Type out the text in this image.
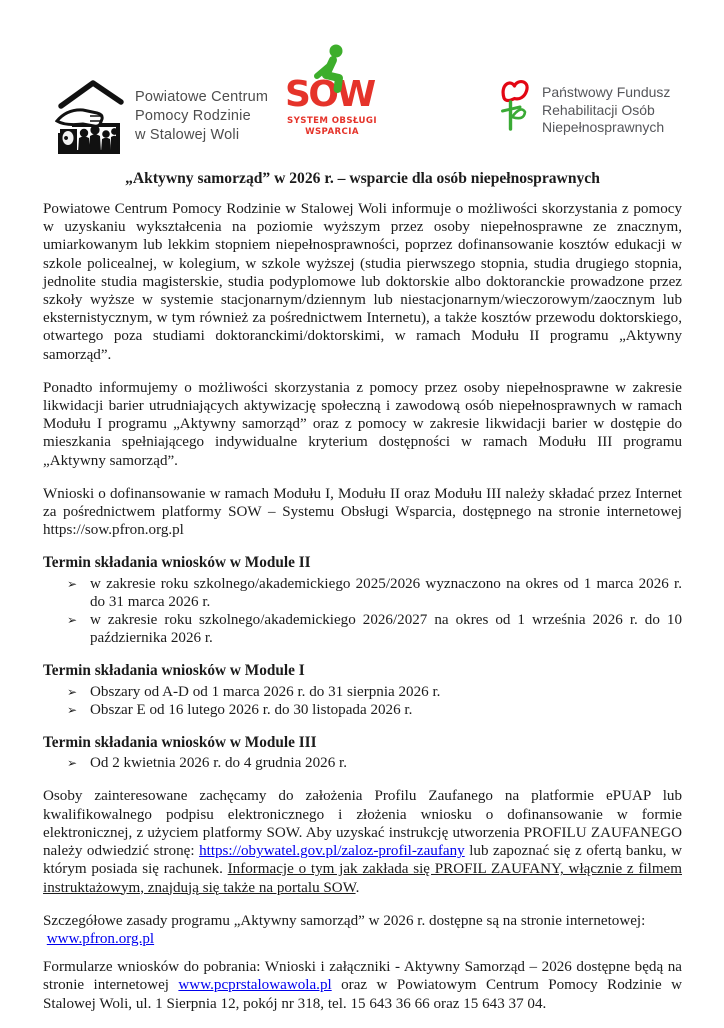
Powiatowe Centrum
Pomocy Rodzinie
w Stalowej Woli
SOW
SYSTEM OBSŁUGI
WSPARCIA
Państwowy Fundusz
Rehabilitacji Osób
Niepełnosprawnych
„Aktywny samorząd” w 2026 r. – wsparcie dla osób niepełnosprawnych
Powiatowe Centrum Pomocy Rodzinie w Stalowej Woli informuje o możliwości skorzystania z pomocy w uzyskaniu wykształcenia na poziomie wyższym przez osoby niepełnosprawne ze znacznym, umiarkowanym lub lekkim stopniem niepełnosprawności, poprzez dofinansowanie kosztów edukacji w szkole policealnej, w kolegium, w szkole wyższej (studia pierwszego stopnia, studia drugiego stopnia, jednolite studia magisterskie, studia podyplomowe lub doktorskie albo doktoranckie prowadzone przez szkoły wyższe w systemie stacjonarnym/dziennym lub niestacjonarnym/wieczorowym/zaocznym lub eksternistycznym, w tym również za pośrednictwem Internetu), a także kosztów przewodu doktorskiego, otwartego poza studiami doktoranckimi/doktorskimi, w ramach Modułu II programu „Aktywny samorząd”.
Ponadto informujemy o możliwości skorzystania z pomocy przez osoby niepełnosprawne w zakresie likwidacji barier utrudniających aktywizację społeczną i zawodową osób niepełnosprawnych w ramach Modułu I programu „Aktywny samorząd” oraz z pomocy w zakresie likwidacji barier w dostępie do mieszkania spełniającego indywidualne kryterium dostępności w ramach Modułu III programu „Aktywny samorząd”.
Wnioski o dofinansowanie w ramach Modułu I, Modułu II oraz Modułu III należy składać przez Internet za pośrednictwem platformy SOW – Systemu Obsługi Wsparcia, dostępnego na stronie internetowej https://sow.pfron.org.pl
Termin składania wniosków w Module II
➢ w zakresie roku szkolnego/akademickiego 2025/2026 wyznaczono na okres od 1 marca 2026 r. do 31 marca 2026 r.
➢ w zakresie roku szkolnego/akademickiego 2026/2027 na okres od 1 września 2026 r. do 10 października 2026 r.
Termin składania wniosków w Module I
➢ Obszary od A-D od 1 marca 2026 r. do 31 sierpnia 2026 r.
➢ Obszar E od 16 lutego 2026 r. do 30 listopada 2026 r.
Termin składania wniosków w Module III
➢ Od 2 kwietnia 2026 r. do 4 grudnia 2026 r.
Osoby zainteresowane zachęcamy do założenia Profilu Zaufanego na platformie ePUAP lub kwalifikowalnego podpisu elektronicznego i złożenia wniosku o dofinansowanie w formie elektronicznej, z użyciem platformy SOW. Aby uzyskać instrukcję utworzenia PROFILU ZAUFANEGO należy odwiedzić stronę: https://obywatel.gov.pl/zaloz-profil-zaufany lub zapoznać się z ofertą banku, w którym posiada się rachunek. Informacje o tym jak zakłada się PROFIL ZAUFANY, włącznie z filmem instruktażowym, znajdują się także na portalu SOW.
Szczegółowe zasady programu „Aktywny samorząd” w 2026 r. dostępne są na stronie internetowej:
www.pfron.org.pl
Formularze wniosków do pobrania: Wnioski i załączniki - Aktywny Samorząd – 2026 dostępne będą na stronie internetowej www.pcprstalowawola.pl oraz w Powiatowym Centrum Pomocy Rodzinie w Stalowej Woli, ul. 1 Sierpnia 12, pokój nr 318, tel. 15 643 36 66 oraz 15 643 37 04.
